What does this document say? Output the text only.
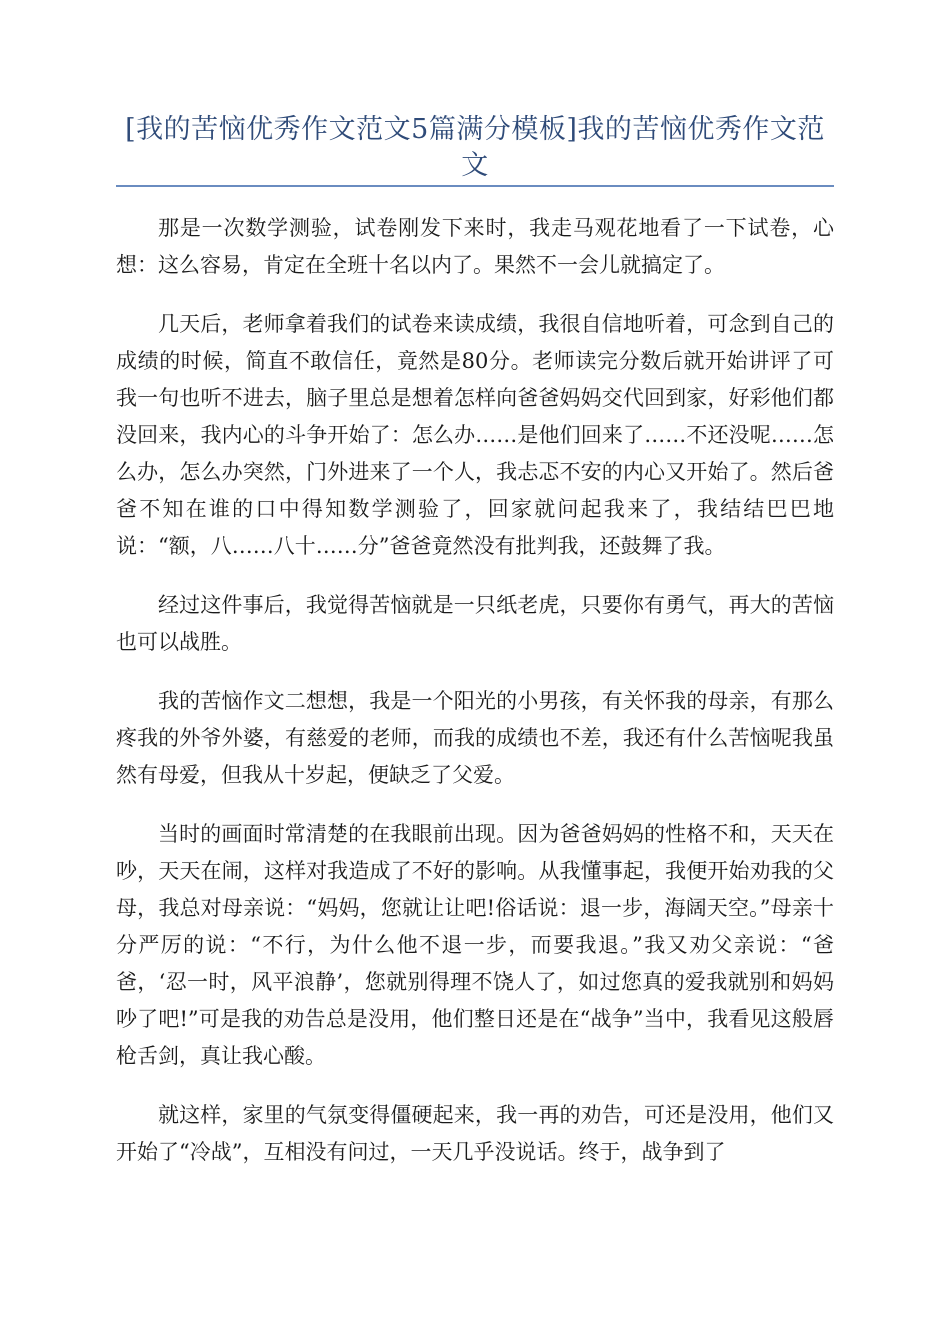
[我的苦恼优秀作文范文5篇满分模板]我的苦恼优秀作文范文

那是一次数学测验，试卷刚发下来时，我走马观花地看了一下试卷，心想：这么容易，肯定在全班十名以内了。果然不一会儿就搞定了。

几天后，老师拿着我们的试卷来读成绩，我很自信地听着，可念到自己的成绩的时候，简直不敢信任，竟然是80分。老师读完分数后就开始讲评了可我一句也听不进去，脑子里总是想着怎样向爸爸妈妈交代回到家，好彩他们都没回来，我内心的斗争开始了：怎么办……是他们回来了……不还没呢……怎么办，怎么办突然，门外进来了一个人，我忐忑不安的内心又开始了。然后爸爸不知在谁的口中得知数学测验了，回家就问起我来了，我结结巴巴地说：“额，八……八十……分”爸爸竟然没有批判我，还鼓舞了我。

经过这件事后，我觉得苦恼就是一只纸老虎，只要你有勇气，再大的苦恼也可以战胜。

我的苦恼作文二想想，我是一个阳光的小男孩，有关怀我的母亲，有那么疼我的外爷外婆，有慈爱的老师，而我的成绩也不差，我还有什么苦恼呢我虽然有母爱，但我从十岁起，便缺乏了父爱。

当时的画面时常清楚的在我眼前出现。因为爸爸妈妈的性格不和，天天在吵，天天在闹，这样对我造成了不好的影响。从我懂事起，我便开始劝我的父母，我总对母亲说：“妈妈，您就让让吧!俗话说：退一步，海阔天空。”母亲十分严厉的说：“不行，为什么他不退一步，而要我退。”我又劝父亲说：“爸爸，‘忍一时，风平浪静’，您就别得理不饶人了，如过您真的爱我就别和妈妈吵了吧!”可是我的劝告总是没用，他们整日还是在“战争”当中，我看见这般唇枪舌剑，真让我心酸。

就这样，家里的气氛变得僵硬起来，我一再的劝告，可还是没用，他们又开始了“冷战”，互相没有问过，一天几乎没说话。终于，战争到了
